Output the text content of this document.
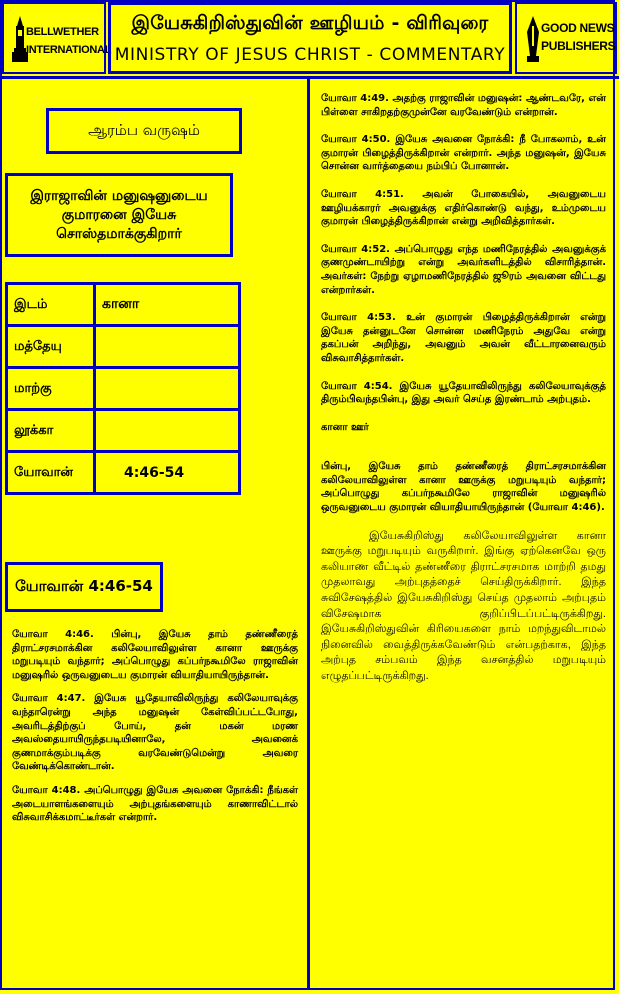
BELLWETHER
INTERNATIONAL
இயேசுகிறிஸ்துவின் ஊழியம் - விரிவுரை
MINISTRY OF JESUS CHRIST - COMMENTARY
GOOD NEWS
PUBLISHERS
ஆரம்ப வருஷம்
இராஜாவின் மனுஷனுடைய
குமாரனை இயேசு
சொஸ்தமாக்குகிறார்
இடம்	கானா
மத்தேயு	
மாற்கு	
லூக்கா	
யோவான்	4:46-54
யோவான் 4:46-54

யோவா 4:46. பின்பு, இயேசு தாம் தண்ணீரைத் திராட்சரசமாக்கின கலிலேயாவிலுள்ள கானா ஊருக்கு மறுபடியும் வந்தார்; அப்பொழுது கப்பர்நகூமிலே ராஜாவின் மனுஷரில் ஒருவனுடைய குமாரன் வியாதியாயிருந்தான்.

யோவா 4:47. இயேசு யூதேயாவிலிருந்து கலிலேயாவுக்கு வந்தாரென்று அந்த மனுஷன் கேள்விப்பட்டபோது, அவரிடத்திற்குப் போய், தன் மகன் மரண அவஸ்தையாயிருந்தபடியினாலே, அவனைக் குணமாக்கும்படிக்கு வரவேண்டுமென்று அவரை வேண்டிக்கொண்டான்.

யோவா 4:48. அப்பொழுது இயேசு அவனை நோக்கி: நீங்கள் அடையாளங்களையும் அற்புதங்களையும் காணாவிட்டால் விசுவாசிக்கமாட்டீர்கள் என்றார்.

யோவா 4:49. அதற்கு ராஜாவின் மனுஷன்: ஆண்டவரே, என் பிள்ளை சாகிறதற்குமுன்னே வரவேண்டும் என்றான்.

யோவா 4:50. இயேசு அவனை நோக்கி: நீ போகலாம், உன் குமாரன் பிழைத்திருக்கிறான் என்றார். அந்த மனுஷன், இயேசு சொன்ன வார்த்தையை நம்பிப் போனான்.

யோவா 4:51. அவன் போகையில், அவனுடைய ஊழியக்காரர் அவனுக்கு எதிர்கொண்டு வந்து, உம்முடைய குமாரன் பிழைத்திருக்கிறான் என்று அறிவித்தார்கள்.

யோவா 4:52. அப்பொழுது எந்த மணிநேரத்தில் அவனுக்குக் குணமுண்டாயிற்று என்று அவர்களிடத்தில் விசாரித்தான். அவர்கள்: நேற்று ஏழாமணிநேரத்தில் ஜூரம் அவனை விட்டது என்றார்கள்.

யோவா 4:53. உன் குமாரன் பிழைத்திருக்கிறான் என்று இயேசு தன்னுடனே சொன்ன மணிநேரம் அதுவே என்று தகப்பன் அறிந்து, அவனும் அவன் வீட்டாரனைவரும் விசுவாசித்தார்கள்.

யோவா 4:54. இயேசு யூதேயாவிலிருந்து கலிலேயாவுக்குத் திரும்பிவந்தபின்பு, இது அவர் செய்த இரண்டாம் அற்புதம்.

கானா ஊர்

பின்பு, இயேசு தாம் தண்ணீரைத் திராட்சரசமாக்கின கலிலேயாவிலுள்ள கானா ஊருக்கு மறுபடியும் வந்தார்; அப்பொழுது கப்பர்நகூமிலே ராஜாவின் மனுஷரில் ஒருவனுடைய குமாரன் வியாதியாயிருந்தான் (யோவா 4:46).

இயேசுகிறிஸ்து கலிலேயாவிலுள்ள கானா ஊருக்கு மறுபடியும் வருகிறார். இங்கு ஏற்கெனவே ஒரு கலியாண வீட்டில் தண்ணீரை திராட்சரசமாக மாற்றி தமது முதலாவது அற்புதத்தைச் செய்திருக்கிறார். இந்த சுவிசேஷத்தில் இயேசுகிறிஸ்து செய்த முதலாம் அற்புதம் விசேஷமாக குறிப்பிடப்பட்டிருக்கிறது. இயேசுகிறிஸ்துவின் கிரியைகளை நாம் மறந்துவிடாமல் நினைவில் வைத்திருக்கவேண்டும் என்பதற்காக, இந்த அற்புத சம்பவம் இந்த வசனத்தில் மறுபடியும் எழுதப்பட்டிருக்கிறது.
